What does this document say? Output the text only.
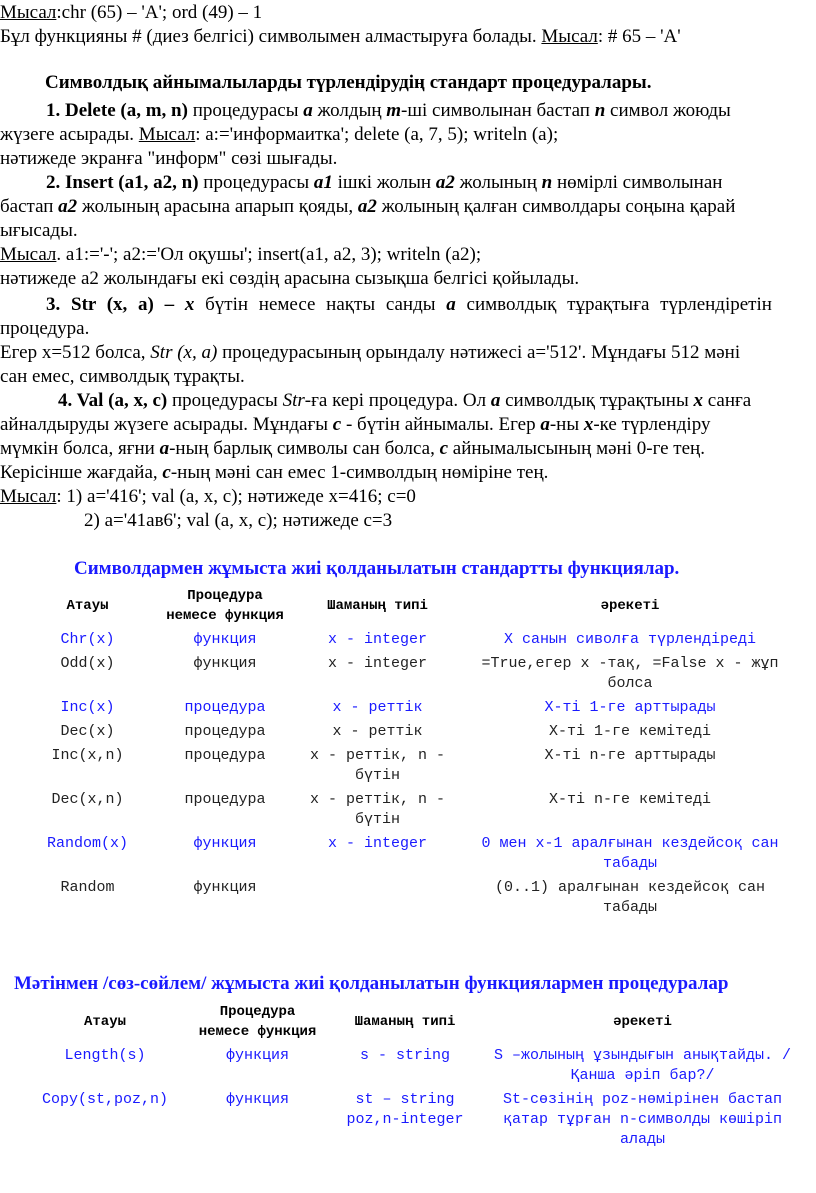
Мысал:chr (65) – 'A'; ord (49) – 1
Бұл функцияны # (диез белгісі) символымен алмастыруға болады. Мысал: # 65 – 'A'
Символдық айнымалыларды түрлендірудің стандарт процедуралары.
1. Delete (a, m, n) процедурасы a жолдың m-ші символынан бастап n символ жоюды
жүзеге асырады. Мысал: a:='информаитка'; delete (a, 7, 5); writeln (a);
нәтижеде экранға "информ" сөзі шығады.
2. Insert (a1, a2, n) процедурасы a1 ішкі жолын a2 жолының n нөмірлі символынан
бастап a2 жолының арасына апарып қояды, a2 жолының қалған символдары соңына қарай
ығысады.
Мысал. a1:='-'; a2:='Ол оқушы'; insert(a1, a2, 3); writeln (a2);
нәтижеде a2 жолындағы екі сөздің арасына сызықша белгісі қойылады.
3. Str (x, a) – x бүтін немесе нақты санды a символдық тұрақтыға түрлендіретін
процедура.
Егер x=512 болса, Str (x, a) процедурасының орындалу нәтижесі a='512'. Мұндағы 512 мәні
сан емес, символдық тұрақты.
4. Val (a, x, c) процедурасы Str-ға кері процедура. Ол a символдық тұрақтыны x санға
айналдыруды жүзеге асырады. Мұндағы c - бүтін айнымалы. Егер a-ны x-ке түрлендіру
мүмкін болса, яғни a-ның барлық символы сан болса, c айнымалысының мәні 0-ге тең.
Керісінше жағдайа, c-ның мәні сан емес 1-символдың нөміріне тең.
Мысал: 1) a='416'; val (a, x, c); нәтижеде x=416; c=0
2) a='41ав6'; val (a, x, c); нәтижеде c=3
Символдармен жұмыста жиі қолданылатын стандартты функциялар.
Атауы	Процедура немесе функция	Шаманың типі	әрекеті
Chr(x)	функция	x - integer	X санын сиволға түрлендіреді
Odd(x)	функция	x - integer	=True,егер x -тақ, =False x - жұп болса
Inc(x)	процедура	x - реттік	X-ті 1-ге арттырады
Dec(x)	процедура	x - реттік	X-ті 1-ге кемітеді
Inc(x,n)	процедура	x - реттік, n - бүтін	X-ті n-ге арттырады
Dec(x,n)	процедура	x - реттік, n - бүтін	X-ті n-ге кемітеді
Random(x)	функция	x - integer	0 мен x-1 аралғынан кездейсоқ сан табады
Random	функция		(0..1) аралғынан кездейсоқ сан табады
Мәтінмен /сөз-сөйлем/ жұмыста жиі қолданылатын функциялармен процедуралар
Атауы	Процедура немесе функция	Шаманың типі	әрекеті
Length(s)	функция	s - string	S –жолының ұзындығын анықтайды. /Қанша әріп бар?/
Copy(st,poz,n)	функция	st – string poz,n-integer	St-сөзінің poz-нөмірінен бастап қатар тұрған n-символды көшіріп алады
